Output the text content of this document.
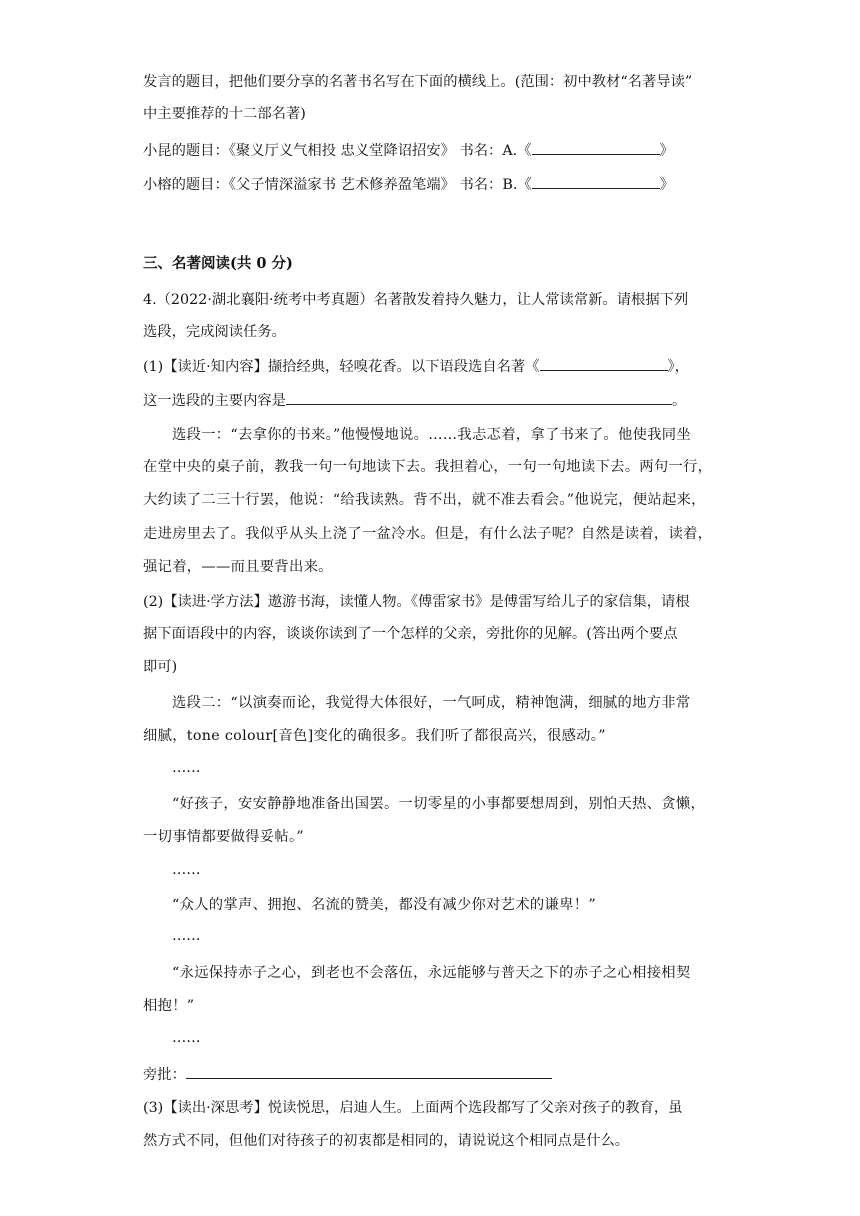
发言的题目，把他们要分享的名著书名写在下面的横线上。(范围：初中教材“名著导读”
中主要推荐的十二部名著)
小昆的题目：《聚义厅义气相投 忠义堂降诏招安》 书名：A.《	》
小榕的题目：《父子情深溢家书 艺术修养盈笔端》 书名：B.《	》
三、名著阅读(共 0 分)
4.（2022·湖北襄阳·统考中考真题）名著散发着持久魅力，让人常读常新。请根据下列
选段，完成阅读任务。
(1)【读近·知内容】撷拾经典，轻嗅花香。以下语段选自名著《	》，
这一选段的主要内容是	。
选段一：“去拿你的书来。”他慢慢地说。……我忐忑着，拿了书来了。他使我同坐
在堂中央的桌子前，教我一句一句地读下去。我担着心，一句一句地读下去。两句一行，
大约读了二三十行罢，他说：“给我读熟。背不出，就不准去看会。”他说完，便站起来，
走进房里去了。我似乎从头上浇了一盆冷水。但是，有什么法子呢？自然是读着，读着，
强记着，——而且要背出来。
(2)【读进·学方法】遨游书海，读懂人物。《傅雷家书》是傅雷写给儿子的家信集，请根
据下面语段中的内容，谈谈你读到了一个怎样的父亲，旁批你的见解。(答出两个要点
即可)
选段二：“以演奏而论，我觉得大体很好，一气呵成，精神饱满，细腻的地方非常
细腻，tone colour[音色]变化的确很多。我们听了都很高兴，很感动。”
……
“好孩子，安安静静地准备出国罢。一切零星的小事都要想周到，别怕天热、贪懒，
一切事情都要做得妥帖。”
……
“众人的掌声、拥抱、名流的赞美，都没有减少你对艺术的谦卑！”
……
“永远保持赤子之心，到老也不会落伍，永远能够与普天之下的赤子之心相接相契
相抱！”
……
旁批：
(3)【读出·深思考】悦读悦思，启迪人生。上面两个选段都写了父亲对孩子的教育，虽
然方式不同，但他们对待孩子的初衷都是相同的，请说说这个相同点是什么。
